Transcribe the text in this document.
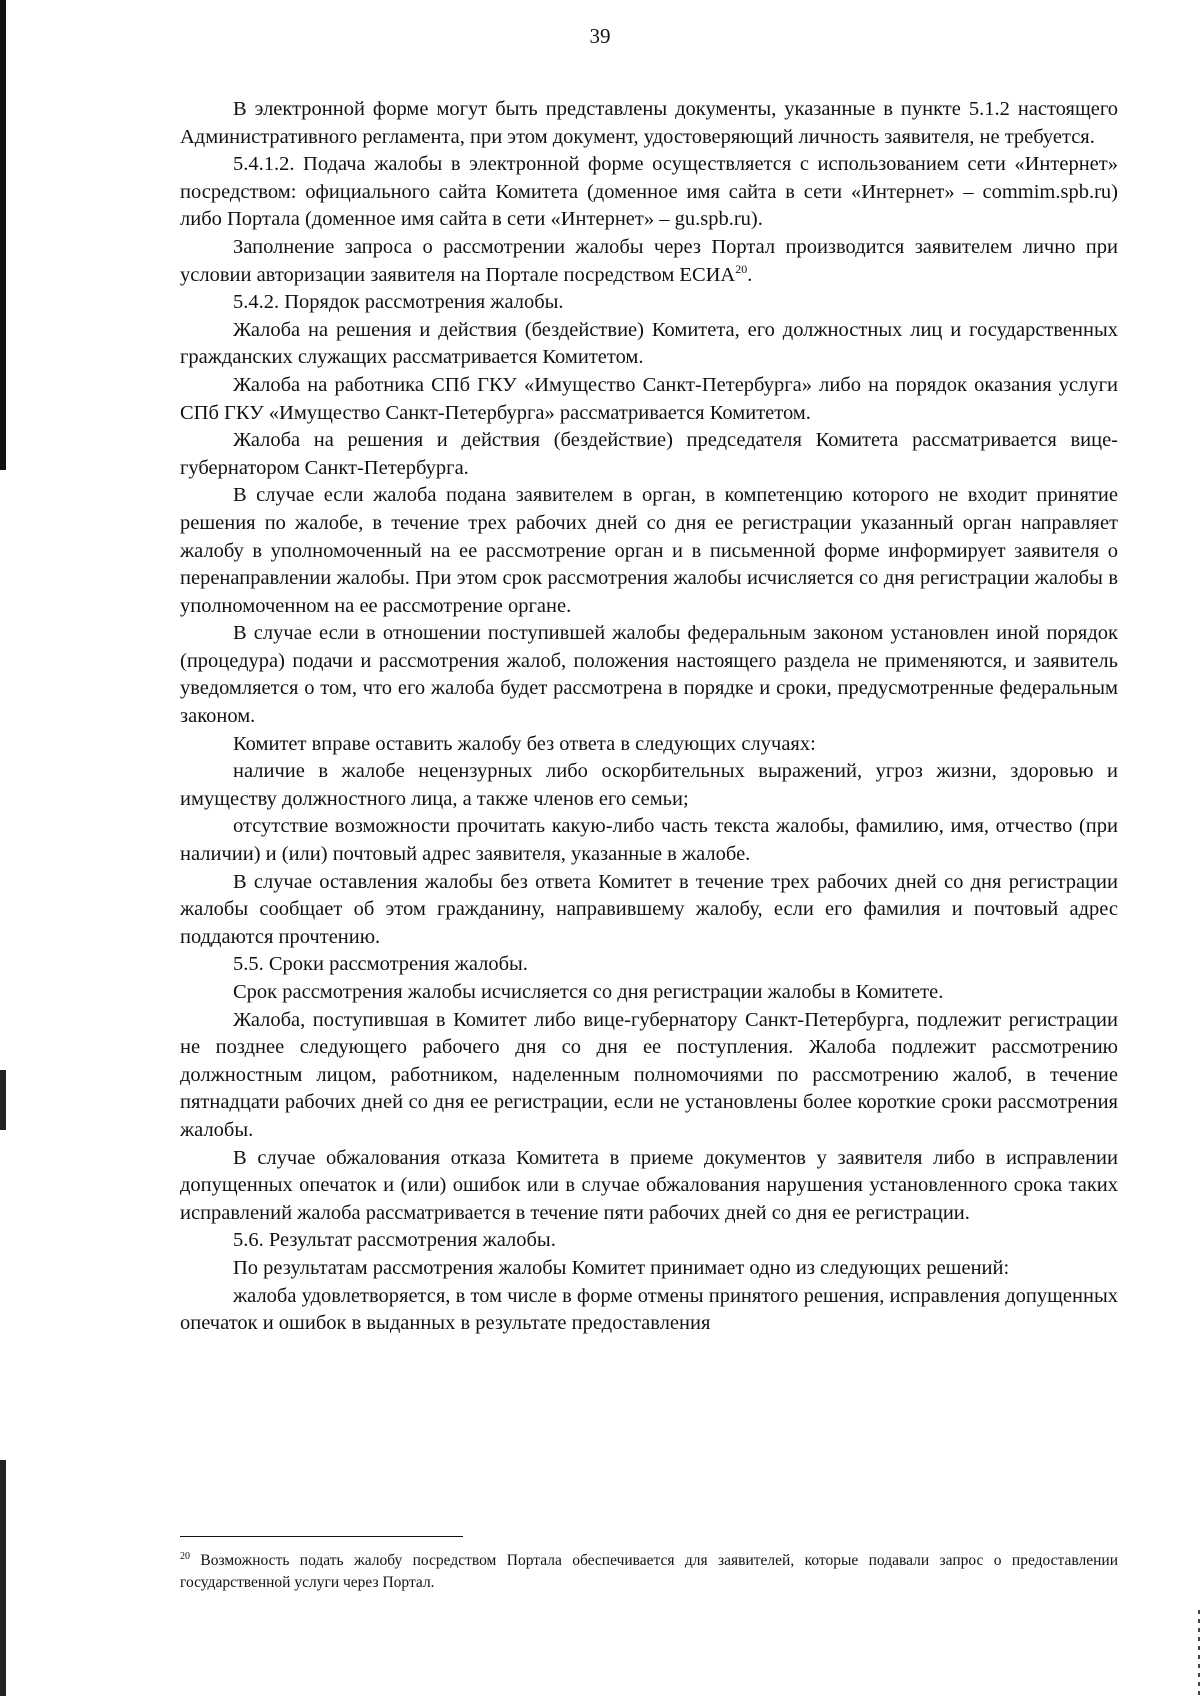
39

В электронной форме могут быть представлены документы, указанные в пункте 5.1.2 настоящего Административного регламента, при этом документ, удостоверяющий личность заявителя, не требуется.

5.4.1.2. Подача жалобы в электронной форме осуществляется с использованием сети «Интернет» посредством: официального сайта Комитета (доменное имя сайта в сети «Интернет» – commim.spb.ru) либо Портала (доменное имя сайта в сети «Интернет» – gu.spb.ru).

Заполнение запроса о рассмотрении жалобы через Портал производится заявителем лично при условии авторизации заявителя на Портале посредством ЕСИА$^{20}$.

5.4.2. Порядок рассмотрения жалобы.

Жалоба на решения и действия (бездействие) Комитета, его должностных лиц и государственных гражданских служащих рассматривается Комитетом.

Жалоба на работника СПб ГКУ «Имущество Санкт-Петербурга» либо на порядок оказания услуги СПб ГКУ «Имущество Санкт-Петербурга» рассматривается Комитетом.

Жалоба на решения и действия (бездействие) председателя Комитета рассматривается вице-губернатором Санкт-Петербурга.

В случае если жалоба подана заявителем в орган, в компетенцию которого не входит принятие решения по жалобе, в течение трех рабочих дней со дня ее регистрации указанный орган направляет жалобу в уполномоченный на ее рассмотрение орган и в письменной форме информирует заявителя о перенаправлении жалобы. При этом срок рассмотрения жалобы исчисляется со дня регистрации жалобы в уполномоченном на ее рассмотрение органе.

В случае если в отношении поступившей жалобы федеральным законом установлен иной порядок (процедура) подачи и рассмотрения жалоб, положения настоящего раздела не применяются, и заявитель уведомляется о том, что его жалоба будет рассмотрена в порядке и сроки, предусмотренные федеральным законом.

Комитет вправе оставить жалобу без ответа в следующих случаях:

наличие в жалобе нецензурных либо оскорбительных выражений, угроз жизни, здоровью и имуществу должностного лица, а также членов его семьи;

отсутствие возможности прочитать какую-либо часть текста жалобы, фамилию, имя, отчество (при наличии) и (или) почтовый адрес заявителя, указанные в жалобе.

В случае оставления жалобы без ответа Комитет в течение трех рабочих дней со дня регистрации жалобы сообщает об этом гражданину, направившему жалобу, если его фамилия и почтовый адрес поддаются прочтению.

5.5. Сроки рассмотрения жалобы.

Срок рассмотрения жалобы исчисляется со дня регистрации жалобы в Комитете.

Жалоба, поступившая в Комитет либо вице-губернатору Санкт-Петербурга, подлежит регистрации не позднее следующего рабочего дня со дня ее поступления. Жалоба подлежит рассмотрению должностным лицом, работником, наделенным полномочиями по рассмотрению жалоб, в течение пятнадцати рабочих дней со дня ее регистрации, если не установлены более короткие сроки рассмотрения жалобы.

В случае обжалования отказа Комитета в приеме документов у заявителя либо в исправлении допущенных опечаток и (или) ошибок или в случае обжалования нарушения установленного срока таких исправлений жалоба рассматривается в течение пяти рабочих дней со дня ее регистрации.

5.6. Результат рассмотрения жалобы.

По результатам рассмотрения жалобы Комитет принимает одно из следующих решений:

жалоба удовлетворяется, в том числе в форме отмены принятого решения, исправления допущенных опечаток и ошибок в выданных в результате предоставления

$^{20}$ Возможность подать жалобу посредством Портала обеспечивается для заявителей, которые подавали запрос о предоставлении государственной услуги через Портал.
